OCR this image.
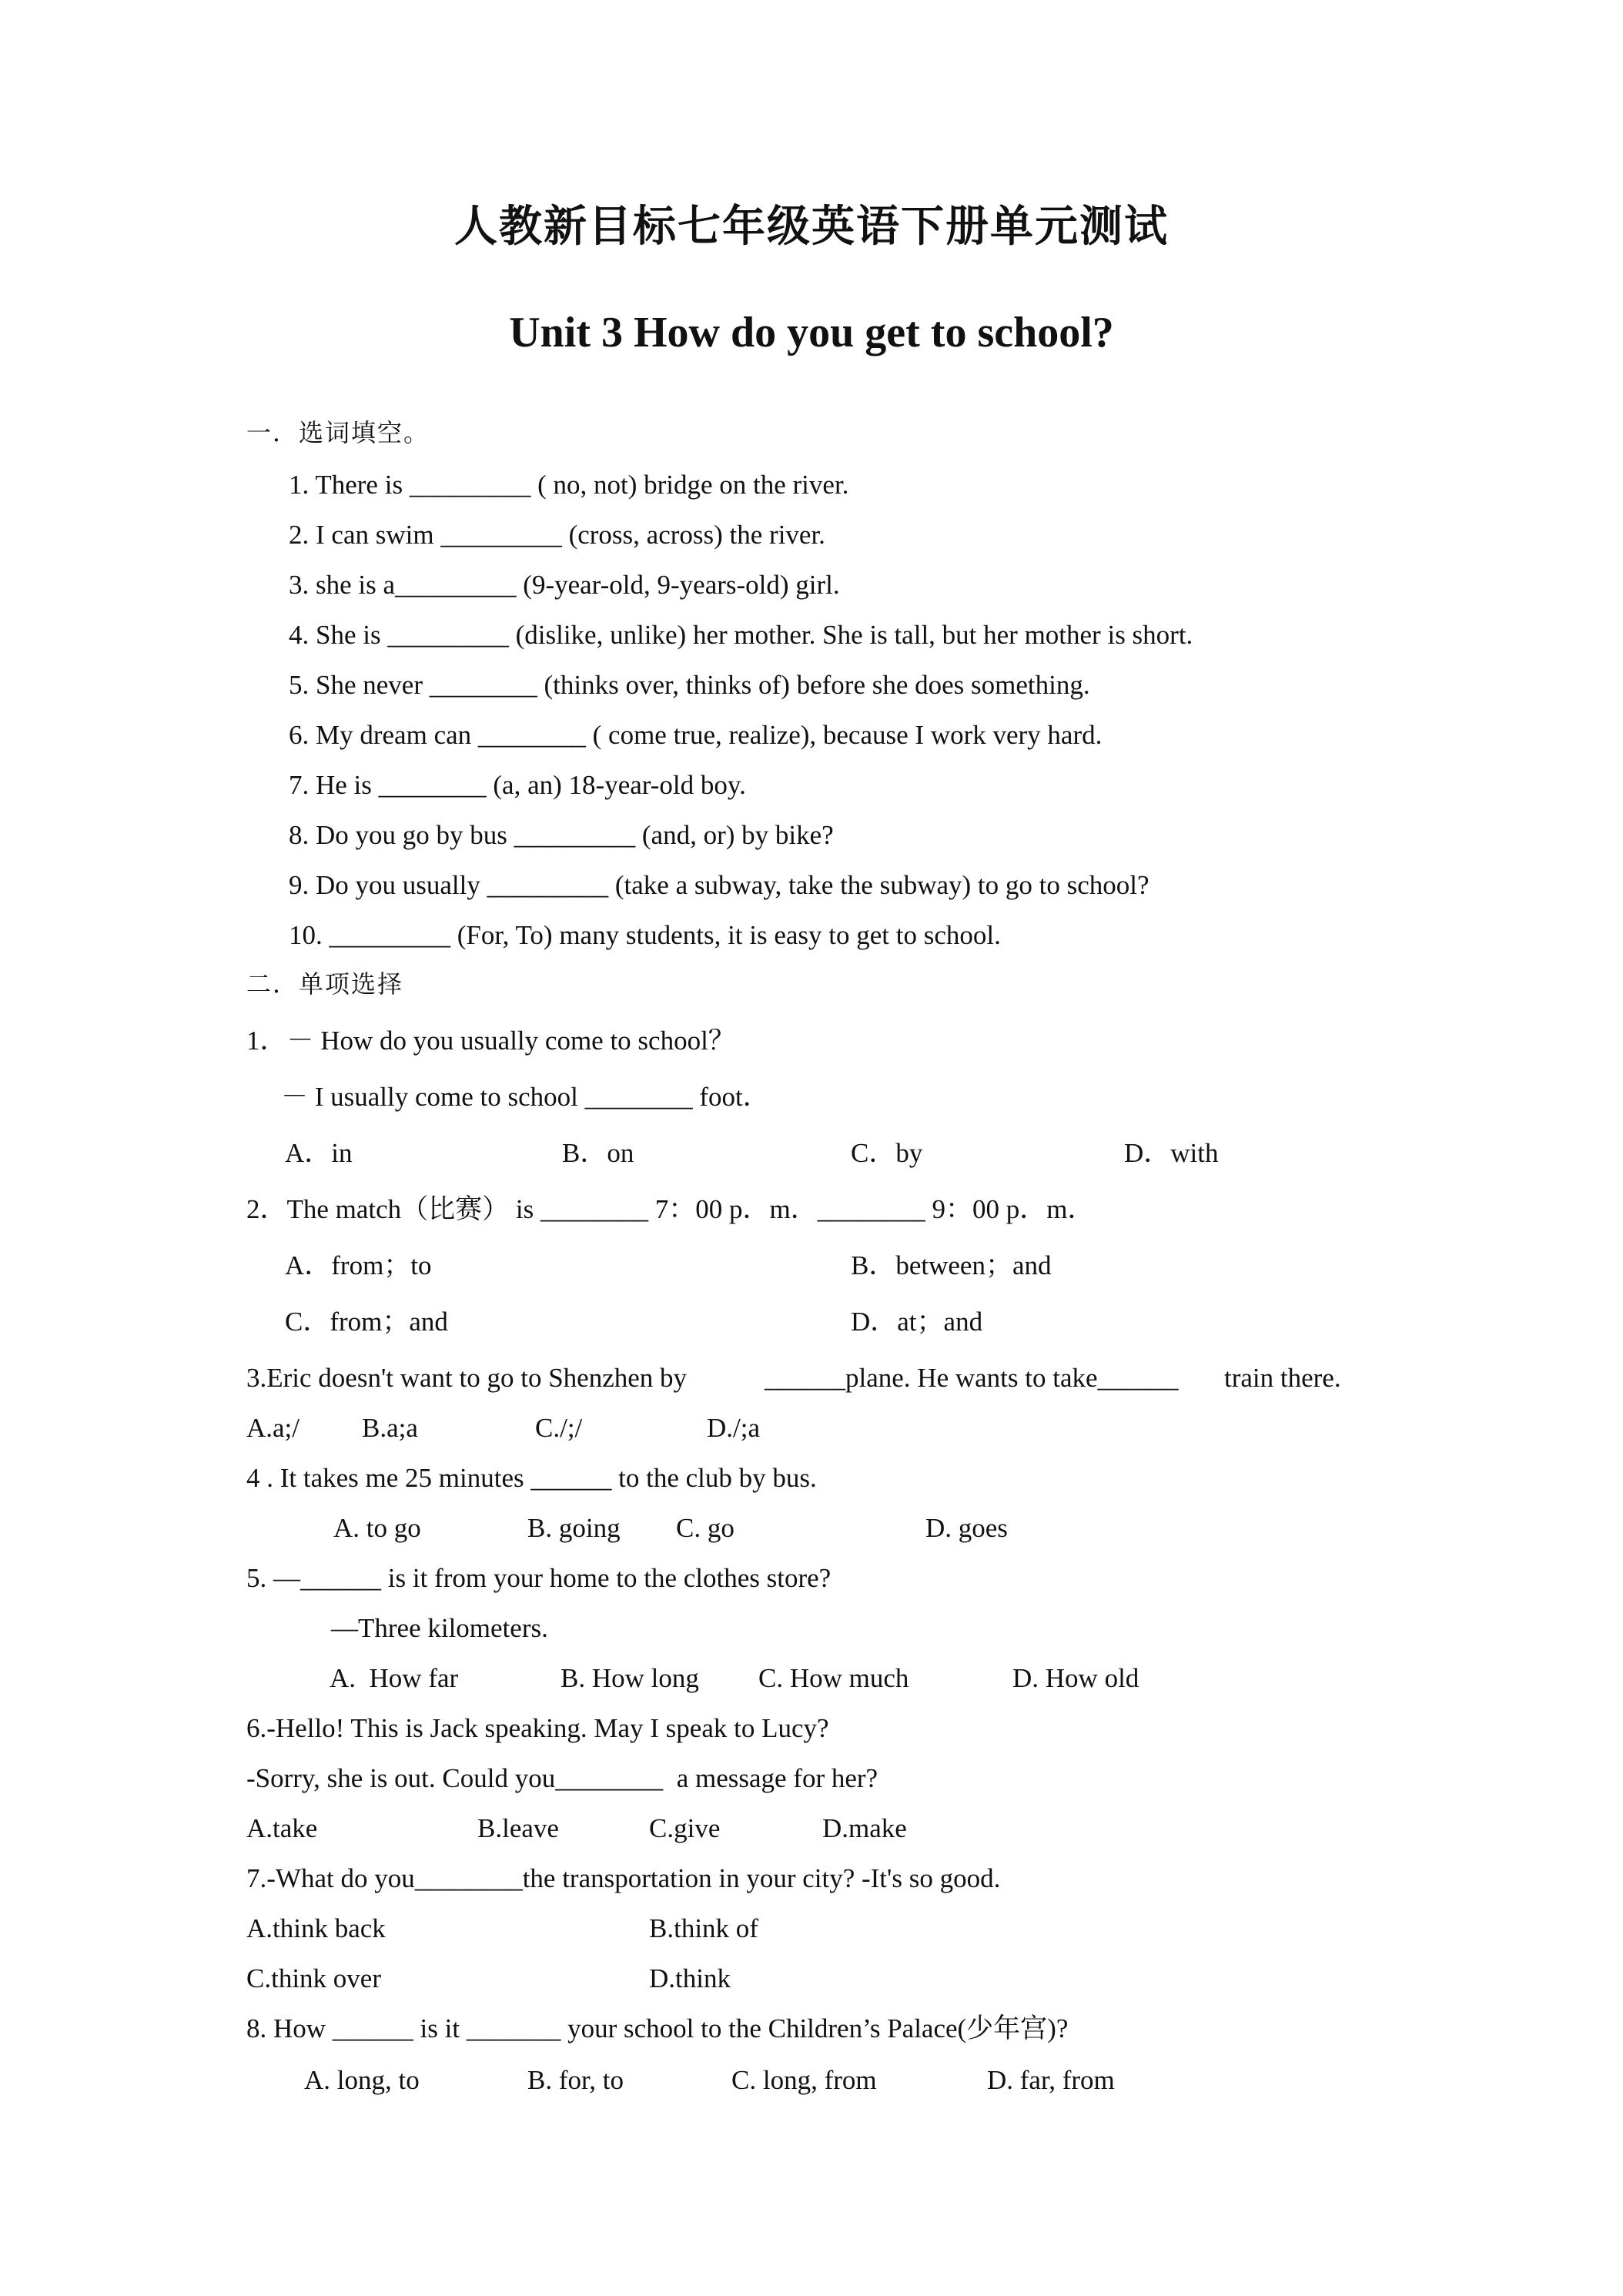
人教新目标七年级英语下册单元测试
Unit 3 How do you get to school?
一．选词填空。
1. There is _________ ( no, not) bridge on the river.
2. I can swim _________ (cross, across) the river.
3. she is a_________ (9-year-old, 9-years-old) girl.
4. She is _________ (dislike, unlike) her mother. She is tall, but her mother is short.
5. She never ________ (thinks over, thinks of) before she does something.
6. My dream can ________ ( come true, realize), because I work very hard.
7. He is ________ (a, an) 18-year-old boy.
8. Do you go by bus _________ (and, or) by bike?
9. Do you usually _________ (take a subway, take the subway) to go to school?
10. _________ (For, To) many students, it is easy to get to school.
二．单项选择
1．－ How do you usually come to school？
－ I usually come to school ________ foot．
A．in	B．on	C．by	D．with
2．The match（比赛） is ________ 7：00 p．m．________ 9：00 p．m．
A．from；to	B．between；and
C．from；and	D．at；and
3.Eric doesn't want to go to Shenzhen by	______plane. He wants to take______ train there.
A.a;/ B.a;a	C./;/	D./;a
4 . It takes me 25 minutes ______ to the club by bus.
A. to go	B. going C. go	D. goes
5. —______ is it from your home to the clothes store?
—Three kilometers.
A.  How far	B. How long C. How much	D. How old
6.-Hello! This is Jack speaking. May I speak to Lucy?
-Sorry, she is out. Could you________  a message for her?
A.take	B.leave	C.give	D.make
7.-What do you________the transportation in your city? -It's so good.
A.think back	B.think of
C.think over	D.think
8. How ______ is it _______ your school to the Children’s Palace(少年宫)?
A. long, to	B. for, to	C. long, from	D. far, from
